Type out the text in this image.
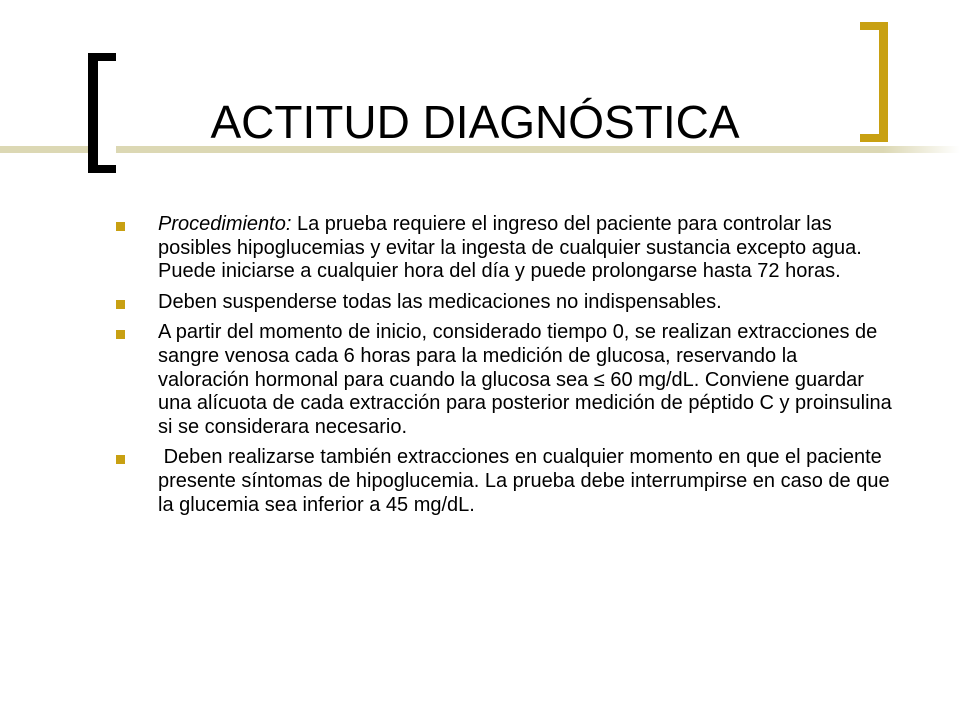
ACTITUD DIAGNÓSTICA
Procedimiento: La prueba requiere el ingreso del paciente para controlar las posibles hipoglucemias y evitar la ingesta de cualquier sustancia excepto agua. Puede iniciarse a cualquier hora del día y puede prolongarse hasta 72 horas.
Deben suspenderse todas las medicaciones no indispensables.
A partir del momento de inicio, considerado tiempo 0, se realizan extracciones de sangre venosa cada 6 horas para la medición de glucosa, reservando la valoración hormonal para cuando la glucosa sea ≤ 60 mg/dL. Conviene guardar una alícuota de cada extracción para posterior medición de péptido C y proinsulina si se considerara necesario.
Deben realizarse también extracciones en cualquier momento en que el paciente presente síntomas de hipoglucemia. La prueba debe interrumpirse en caso de que la glucemia sea inferior a 45 mg/dL.
